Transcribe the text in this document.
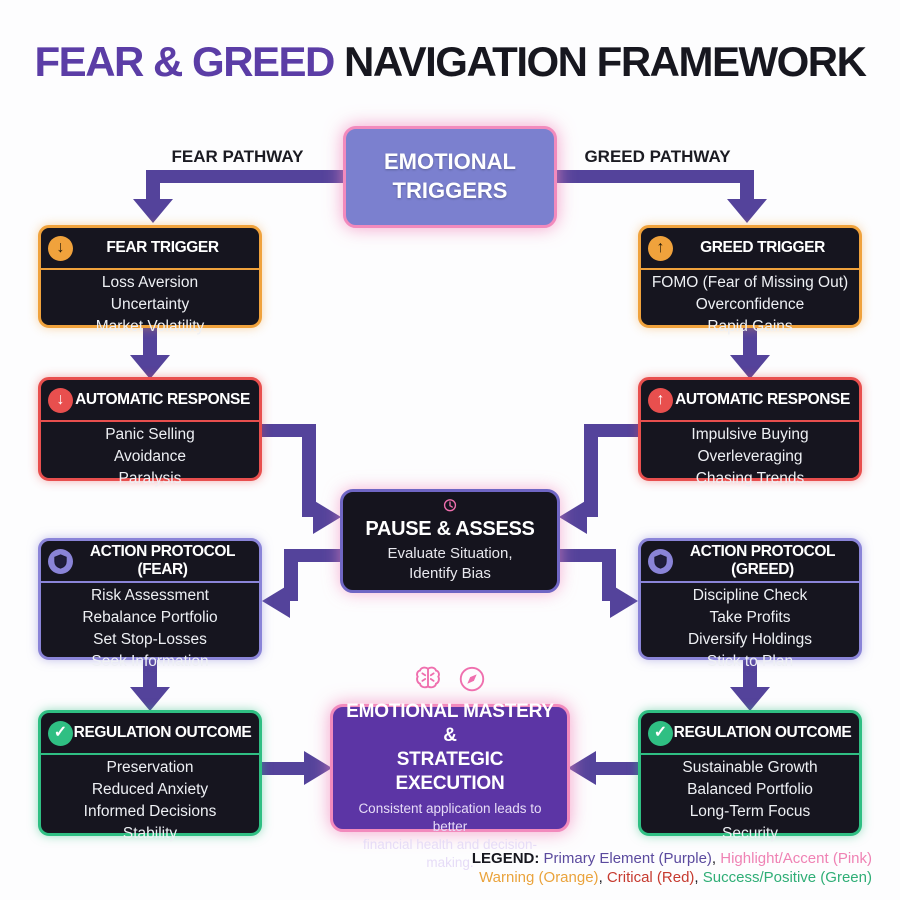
FEAR & GREED NAVIGATION FRAMEWORK
FEAR PATHWAY	GREED PATHWAY
EMOTIONAL TRIGGERS
↓	FEAR TRIGGER
Loss Aversion
Uncertainty
Market Volatility
↑	GREED TRIGGER
FOMO (Fear of Missing Out)
Overconfidence
Rapid Gains
↓ AUTOMATIC RESPONSE
Panic Selling
Avoidance
Paralysis
↑ AUTOMATIC RESPONSE
Impulsive Buying
Overleveraging
Chasing Trends
PAUSE & ASSESS
Evaluate Situation,
Identify Bias
ACTION PROTOCOL (FEAR)
Risk Assessment
Rebalance Portfolio
Set Stop-Losses
Seek Information
ACTION PROTOCOL (GREED)
Discipline Check
Take Profits
Diversify Holdings
Stick to Plan
✓ REGULATION OUTCOME
Preservation
Reduced Anxiety
Informed Decisions
Stability
✓ REGULATION OUTCOME
Sustainable Growth
Balanced Portfolio
Long-Term Focus
Security
EMOTIONAL MASTERY &
STRATEGIC EXECUTION
Consistent application leads to better
financial health and decision-making.
LEGEND: Primary Element (Purple), Highlight/Accent (Pink)
Warning (Orange), Critical (Red), Success/Positive (Green)
